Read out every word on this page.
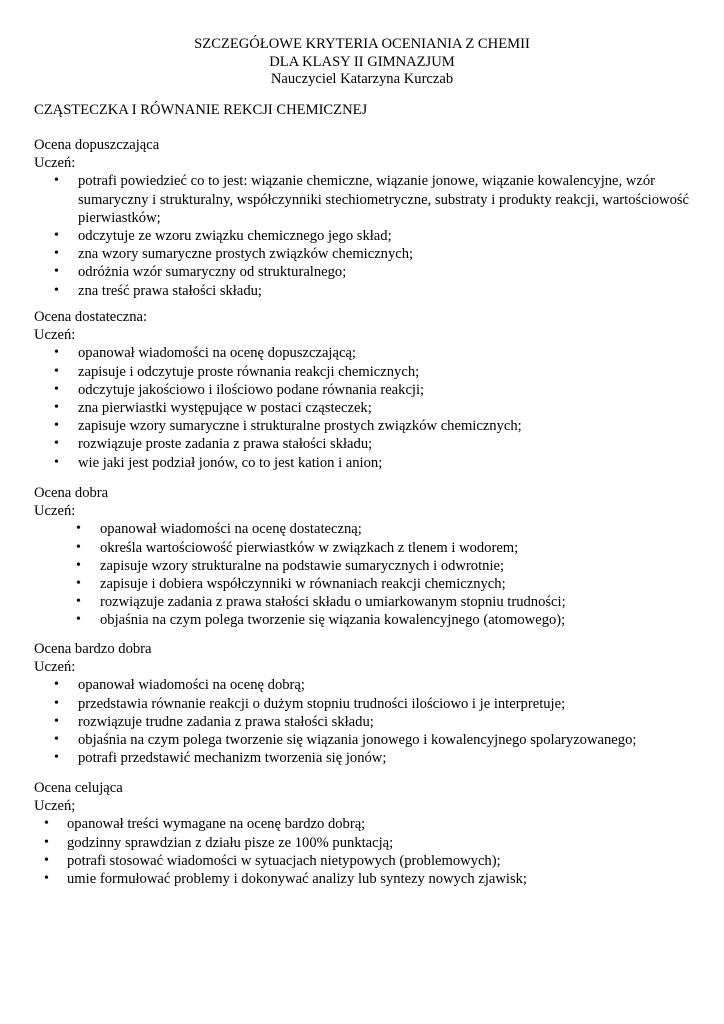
SZCZEGÓŁOWE KRYTERIA OCENIANIA Z CHEMII
DLA KLASY II GIMNAZJUM
Nauczyciel Katarzyna Kurczab
CZĄSTECZKA I RÓWNANIE REKCJI CHEMICZNEJ
Ocena dopuszczająca
Uczeń:
• potrafi powiedzieć co to jest: wiązanie chemiczne, wiązanie jonowe, wiązanie kowalencyjne, wzór sumaryczny i strukturalny, współczynniki stechiometryczne, substraty i produkty reakcji, wartościowość pierwiastków;
• odczytuje ze wzoru związku chemicznego jego skład;
• zna wzory sumaryczne prostych związków chemicznych;
• odróżnia wzór sumaryczny od strukturalnego;
• zna treść prawa stałości składu;
Ocena dostateczna:
Uczeń:
• opanował wiadomości na ocenę dopuszczającą;
• zapisuje i odczytuje proste równania reakcji chemicznych;
• odczytuje jakościowo i ilościowo podane równania reakcji;
• zna pierwiastki występujące w postaci cząsteczek;
• zapisuje wzory sumaryczne i strukturalne prostych związków chemicznych;
• rozwiązuje proste zadania z prawa stałości składu;
• wie jaki jest podział jonów, co to jest kation i anion;
Ocena dobra
Uczeń:
• opanował wiadomości na ocenę dostateczną;
• określa wartościowość pierwiastków w związkach z tlenem i wodorem;
• zapisuje wzory strukturalne na podstawie sumarycznych i odwrotnie;
• zapisuje i dobiera współczynniki w równaniach reakcji chemicznych;
• rozwiązuje zadania z prawa stałości składu o umiarkowanym stopniu trudności;
• objaśnia na czym polega tworzenie się wiązania kowalencyjnego (atomowego);
Ocena bardzo dobra
Uczeń:
• opanował wiadomości na ocenę dobrą;
• przedstawia równanie reakcji o dużym stopniu trudności ilościowo i je interpretuje;
• rozwiązuje trudne zadania z prawa stałości składu;
• objaśnia na czym polega tworzenie się wiązania jonowego i kowalencyjnego spolaryzowanego;
• potrafi przedstawić mechanizm tworzenia się jonów;
Ocena celująca
Uczeń;
• opanował treści wymagane na ocenę bardzo dobrą;
• godzinny sprawdzian z działu pisze ze 100% punktacją;
• potrafi stosować wiadomości w sytuacjach nietypowych (problemowych);
• umie formułować problemy i dokonywać analizy lub syntezy nowych zjawisk;
